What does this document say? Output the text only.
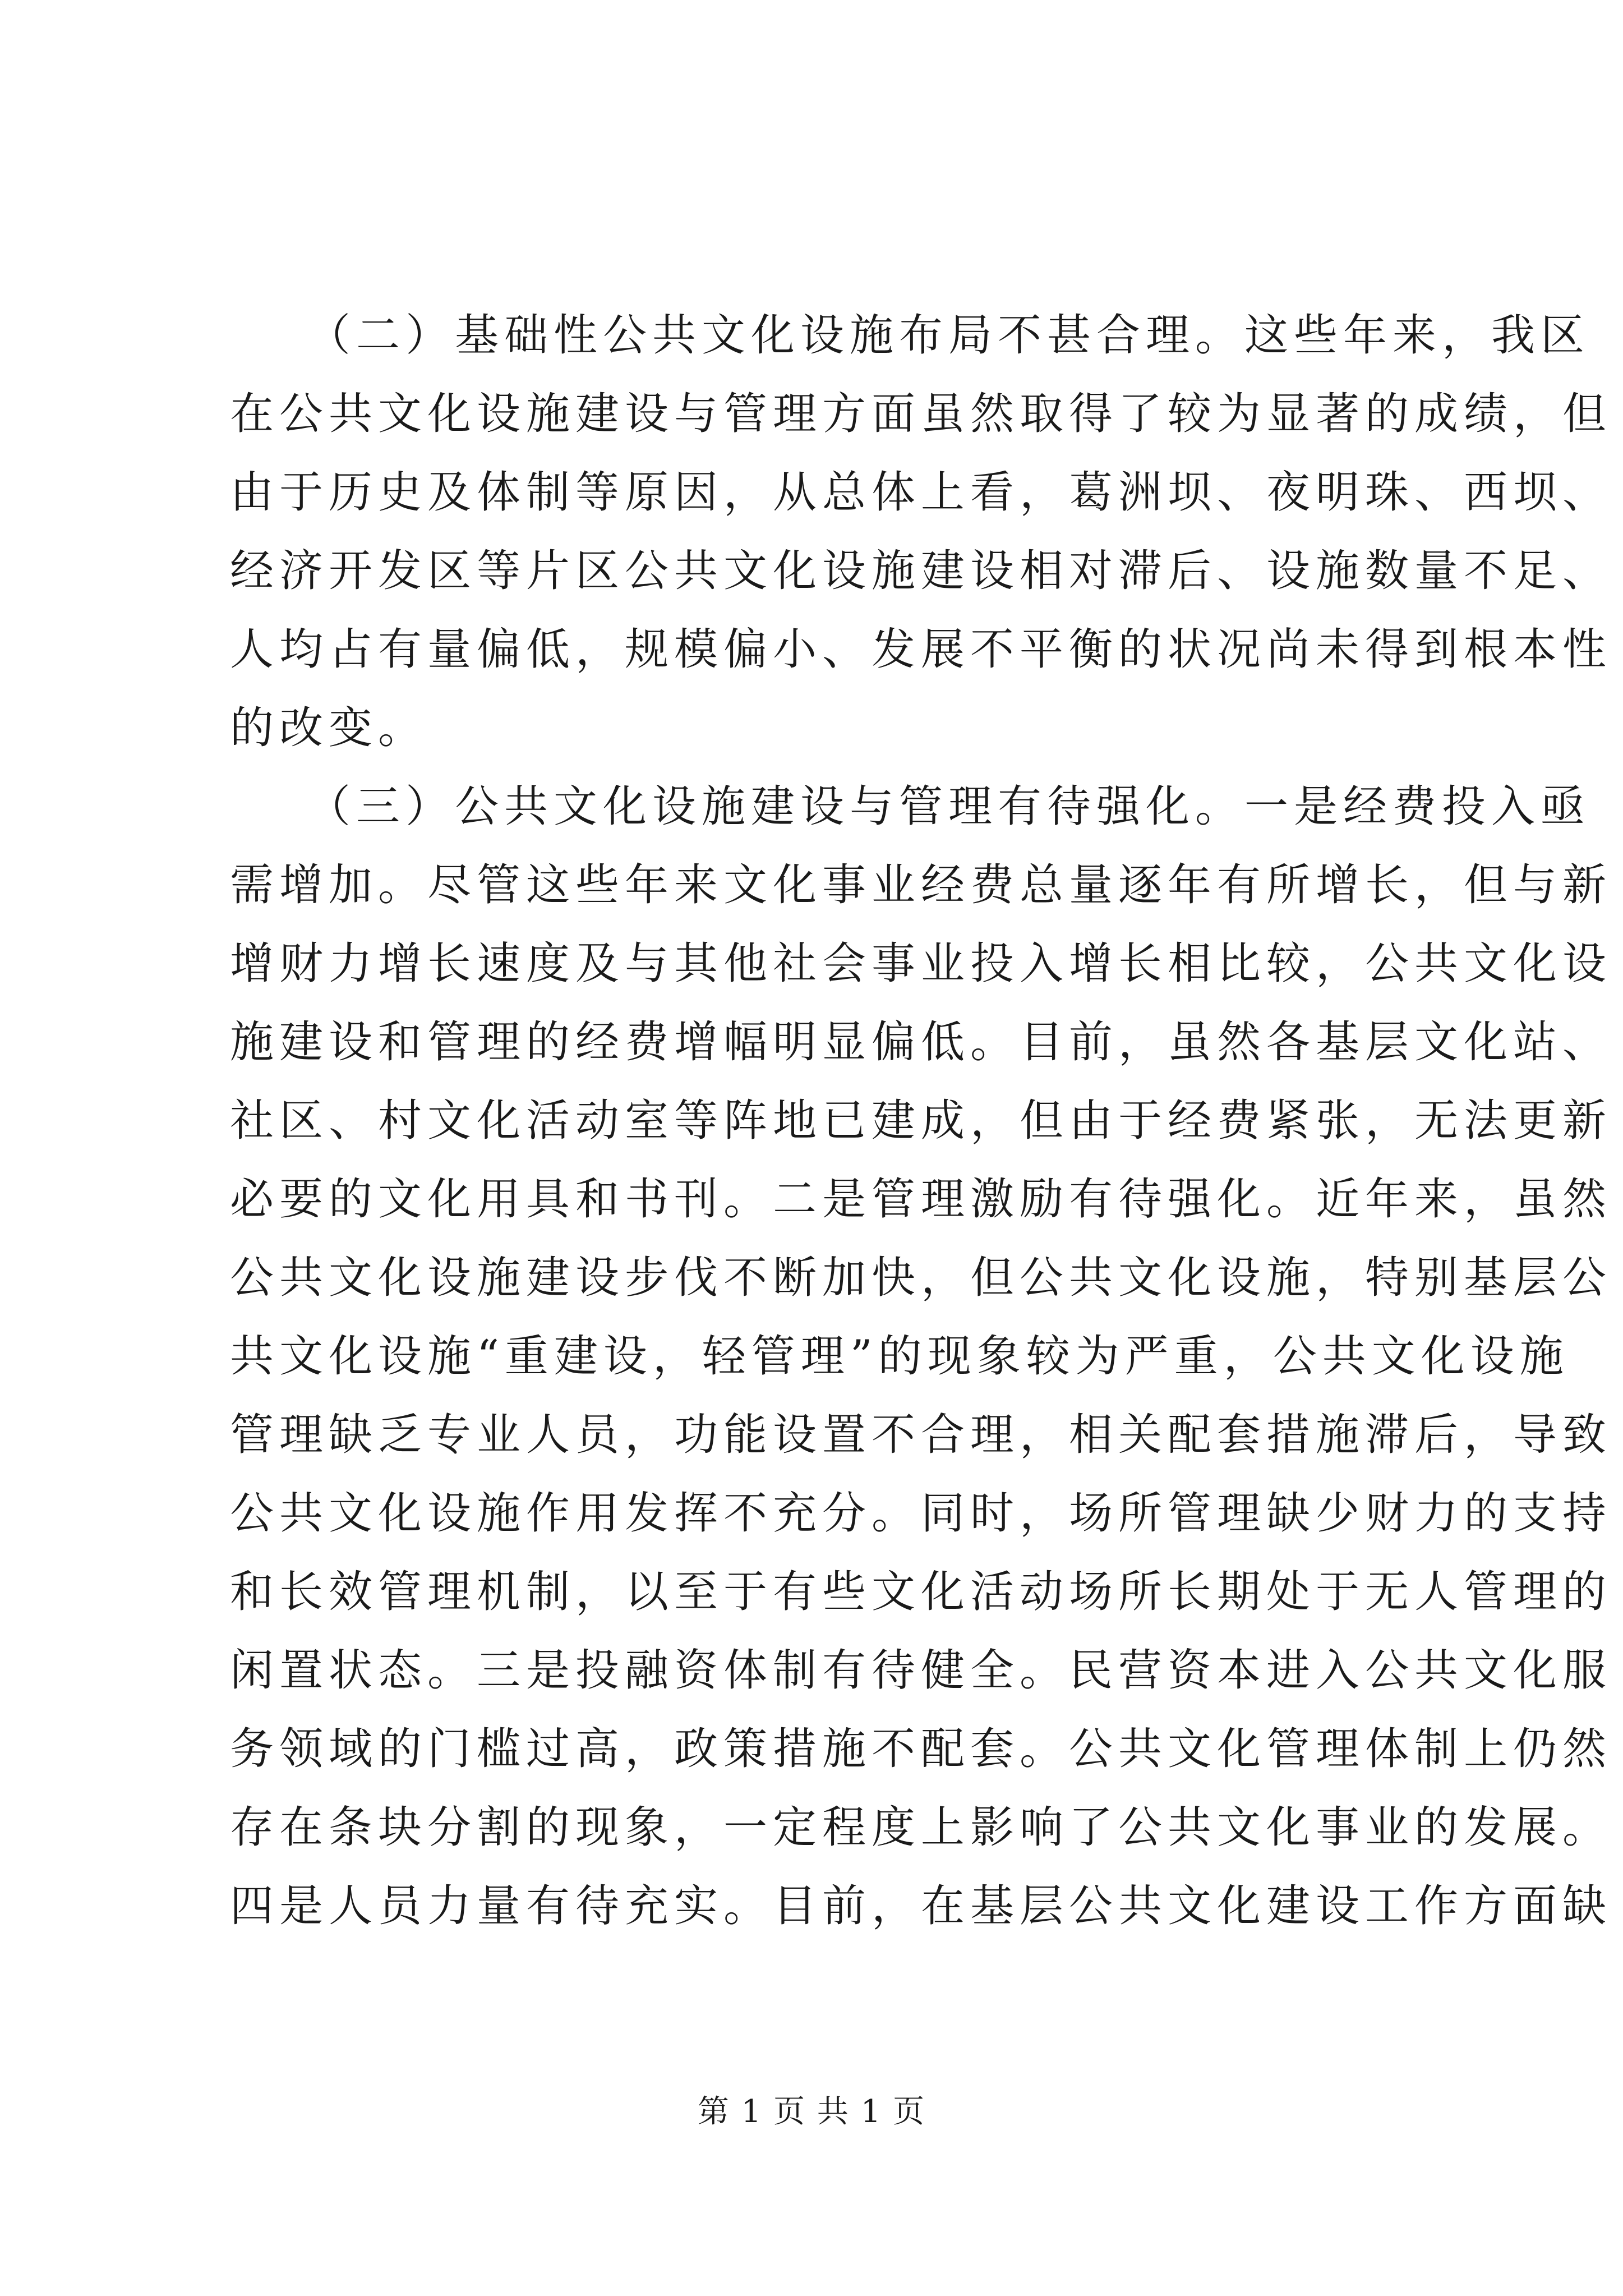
　　（二）基础性公共文化设施布局不甚合理。这些年来，我区
在公共文化设施建设与管理方面虽然取得了较为显著的成绩，但
由于历史及体制等原因，从总体上看，葛洲坝、夜明珠、西坝、
经济开发区等片区公共文化设施建设相对滞后、设施数量不足、
人均占有量偏低，规模偏小、发展不平衡的状况尚未得到根本性
的改变。
　　（三）公共文化设施建设与管理有待强化。一是经费投入亟
需增加。尽管这些年来文化事业经费总量逐年有所增长，但与新
增财力增长速度及与其他社会事业投入增长相比较，公共文化设
施建设和管理的经费增幅明显偏低。目前，虽然各基层文化站、
社区、村文化活动室等阵地已建成，但由于经费紧张，无法更新
必要的文化用具和书刊。二是管理激励有待强化。近年来，虽然
公共文化设施建设步伐不断加快，但公共文化设施，特别基层公
共文化设施“重建设，轻管理”的现象较为严重，公共文化设施
管理缺乏专业人员，功能设置不合理，相关配套措施滞后，导致
公共文化设施作用发挥不充分。同时，场所管理缺少财力的支持
和长效管理机制，以至于有些文化活动场所长期处于无人管理的
闲置状态。三是投融资体制有待健全。民营资本进入公共文化服
务领域的门槛过高，政策措施不配套。公共文化管理体制上仍然
存在条块分割的现象，一定程度上影响了公共文化事业的发展。
四是人员力量有待充实。目前，在基层公共文化建设工作方面缺
第 1 页 共 1 页
